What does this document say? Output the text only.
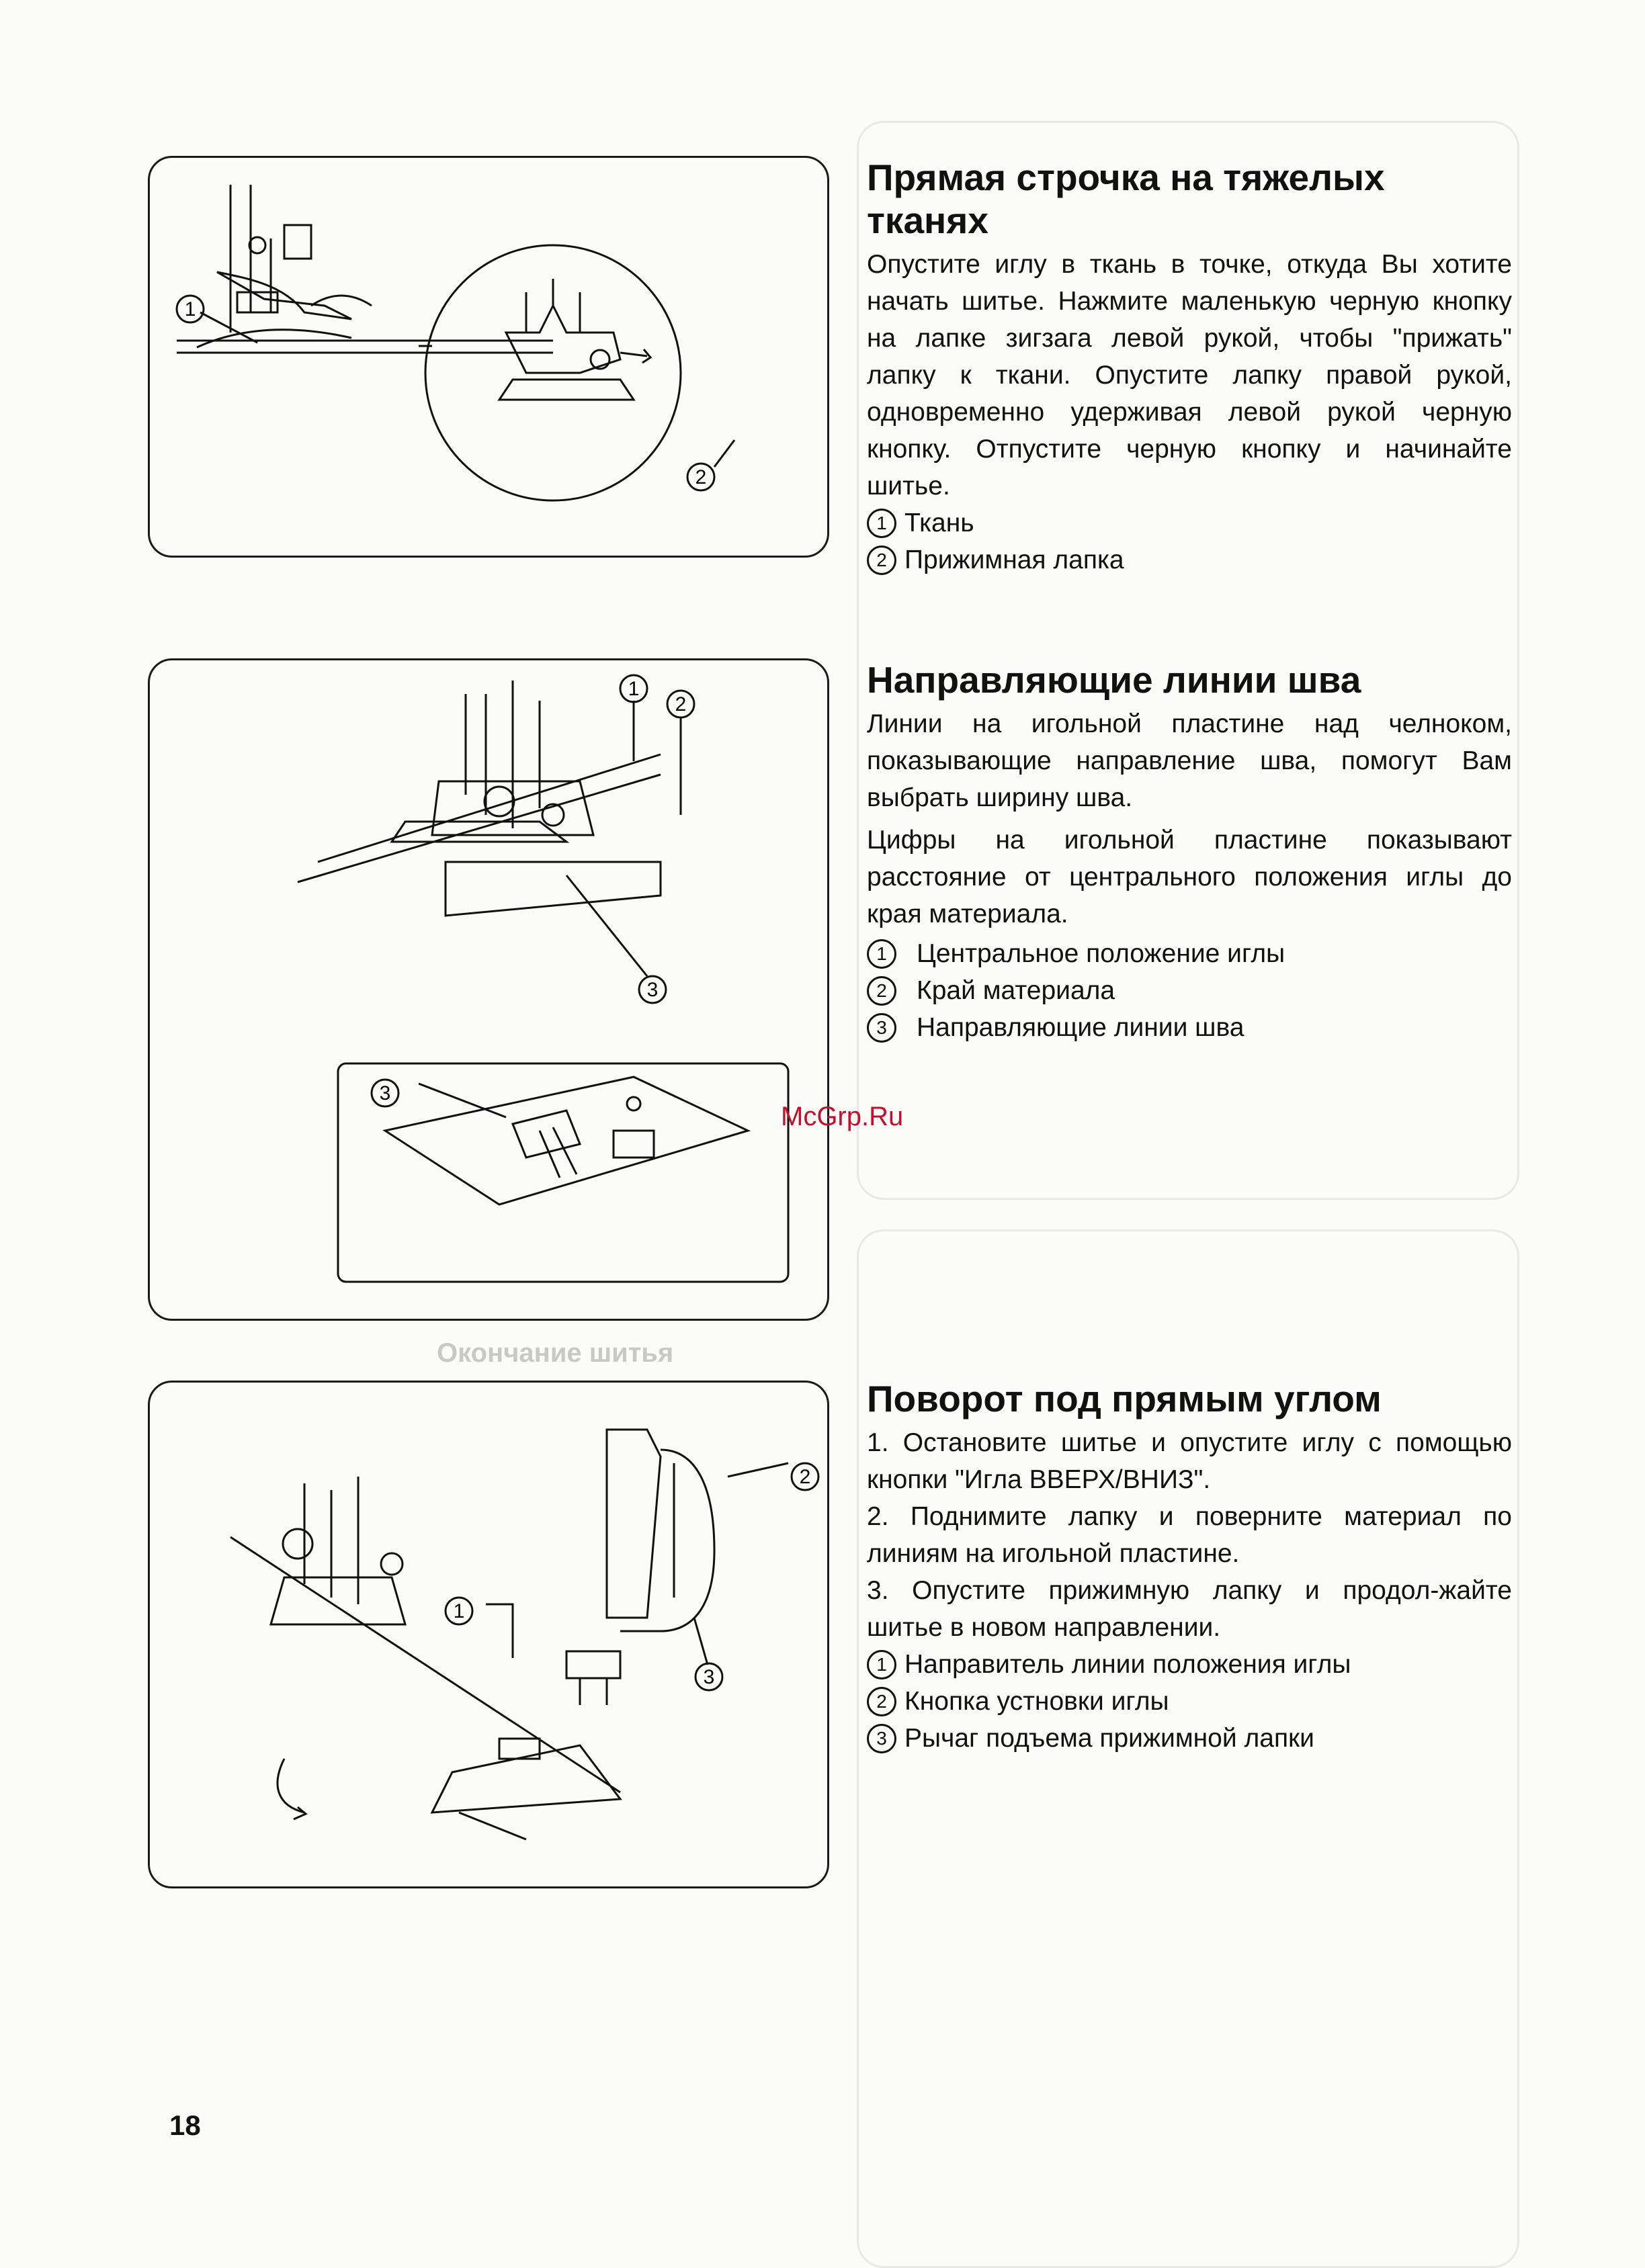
Окончание шитья
1
2
1
2
3
3
1
2
3
Прямая строчка на тяжелых тканях

Опустите иглу в ткань в точке, откуда Вы хотите начать шитье. Нажмите маленькую черную кнопку на лапке зигзага левой рукой, чтобы "прижать" лапку к ткани. Опустите лапку правой рукой, одновременно удерживая левой рукой черную кнопку. Отпустите черную кнопку и начинайте шитье.

1 Ткань
2 Прижимная лапка
Направляющие линии шва

Линии на игольной пластине над челноком, показывающие направление шва, помогут Вам выбрать ширину шва.

Цифры на игольной пластине показывают расстояние от центрального положения иглы до края материала.

1	Центральное положение иглы
2	Край материала
3	Направляющие линии шва
McGrp.Ru
Поворот под прямым углом

1. Остановите шитье и опустите иглу с помощью кнопки "Игла ВВЕРХ/ВНИЗ".

2. Поднимите лапку и поверните материал по линиям на игольной пластине.

3. Опустите прижимную лапку и продол-жайте шитье в новом направлении.

1 Направитель линии положения иглы
2 Кнопка устновки иглы
3 Рычаг подъема прижимной лапки
18
